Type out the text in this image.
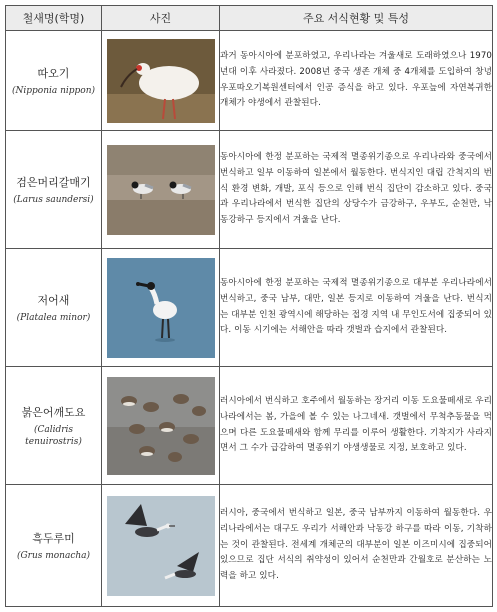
철새명(학명)	사진	주요 서식현황 및 특성

따오기
(Nipponia nippon)		과거 동아시아에 분포하였고, 우리나라는 겨울새로 도래하였으나 1970년대 이후 사라졌다. 2008년 중국 생존 개체 중 4개체를 도입하여 창녕 우포따오기복원센터에서 인공 증식을 하고 있다. 우포늪에 자연복귀한 개체가 야생에서 관찰된다.

검은머리갈매기
(Larus saundersi)		동아시아에 한정 분포하는 국제적 멸종위기종으로 우리나라와 중국에서 번식하고 일부 이동하여 일본에서 월동한다. 번식지인 대립 간척지의 번식 환경 변화, 개발, 포식 등으로 인해 번식 집단이 감소하고 있다. 중국과 우리나라에서 번식한 집단의 상당수가 금강하구, 우부도, 순천만, 낙동강하구 등지에서 겨울을 난다.

저어새
(Platalea minor)		동아시아에 한정 분포하는 국제적 멸종위기종으로 대부분 우리나라에서 번식하고, 중국 남부, 대만, 일본 등지로 이동하여 겨울을 난다. 번식지는 대부분 인천 광역시에 해당하는 접경 지역 내 무인도서에 집중되어 있다. 이동 시기에는 서해안을 따라 갯벌과 습지에서 관찰된다.

붉은어깨도요
(Calidris tenuirostris)		러시아에서 번식하고 호주에서 월동하는 장거리 이동 도요물떼새로 우리나라에서는 봄, 가을에 볼 수 있는 나그네새. 갯벌에서 무척추동물을 먹으며 다른 도요물떼새와 함께 무리를 이루어 생활한다. 기착지가 사라지면서 그 수가 급감하여 멸종위기 야생생물로 지정, 보호하고 있다.

흑두루미
(Grus monacha)		러시아, 중국에서 번식하고 일본, 중국 남부까지 이동하여 월동한다. 우리나라에서는 대구도 우리가 서해안과 낙동강 하구를 따라 이동, 기착하는 것이 관찰된다. 전세계 개체군의 대부분이 일본 이즈미시에 집중되어 있으므로 집단 서식의 취약성이 있어서 순천만과 간월호로 분산하는 노력을 하고 있다.
